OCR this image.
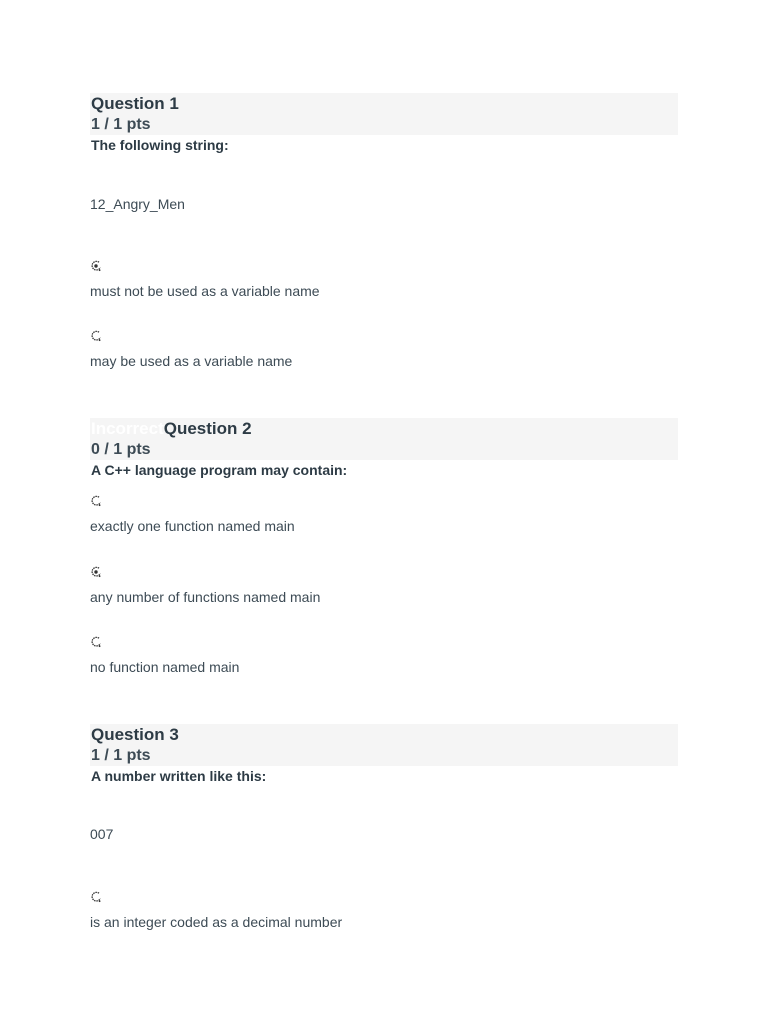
Question 1
1 / 1 pts
The following string:
12_Angry_Men
must not be used as a variable name
may be used as a variable name
IncorrectQuestion 2
0 / 1 pts
A C++ language program may contain:
exactly one function named main
any number of functions named main
no function named main
Question 3
1 / 1 pts
A number written like this:
007
is an integer coded as a decimal number
